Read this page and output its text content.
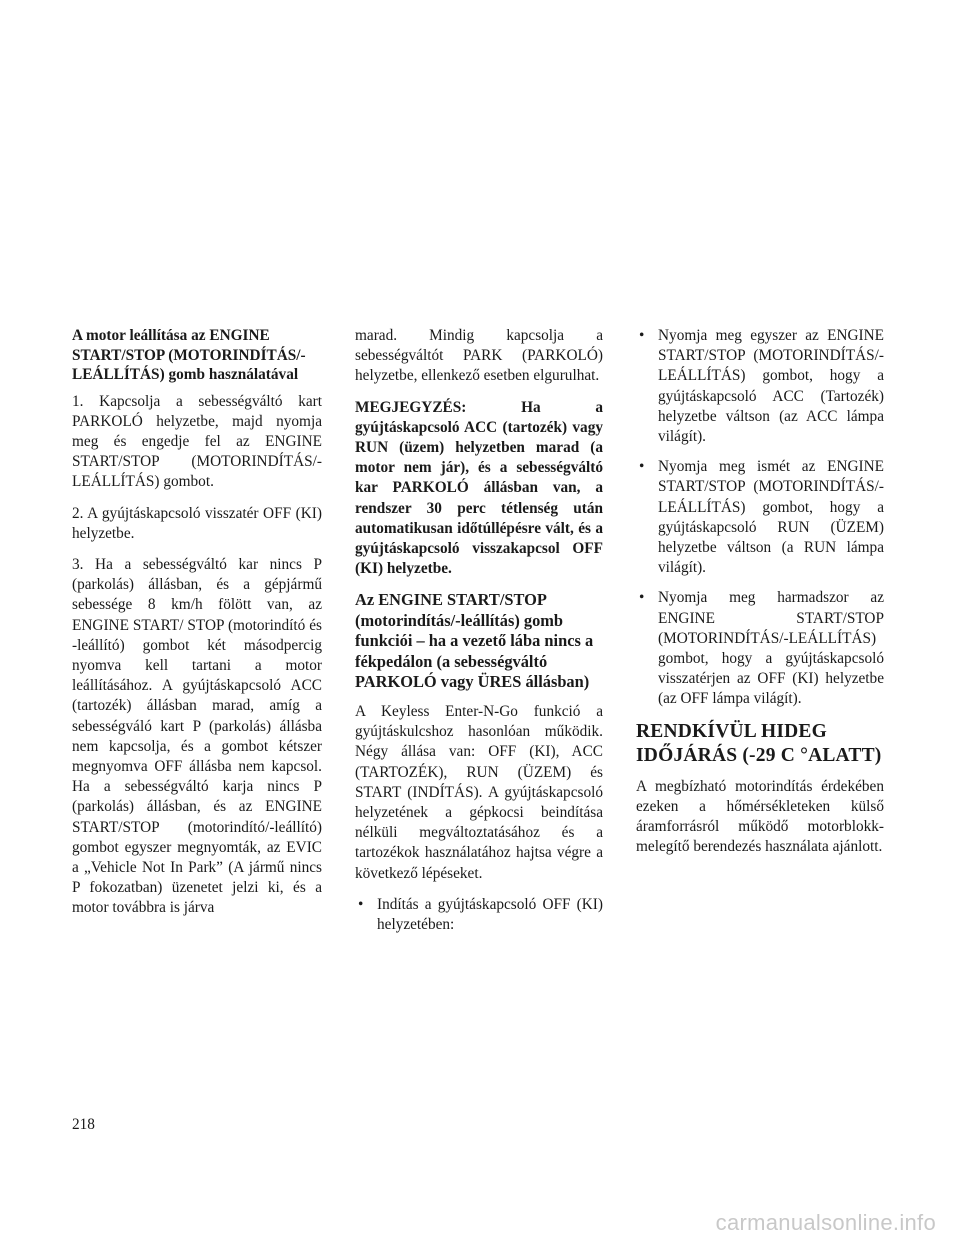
A motor leállítása az ENGINE START/STOP (MOTORINDÍTÁS/-LEÁLLÍTÁS) gomb használatával

1. Kapcsolja a sebességváltó kart PARKOLÓ helyzetbe, majd nyomja meg és engedje fel az ENGINE START/STOP (MOTORINDÍTÁS/-LEÁLLÍTÁS) gombot.

2. A gyújtáskapcsoló visszatér OFF (KI) helyzetbe.

3. Ha a sebességváltó kar nincs P (parkolás) állásban, és a gépjármű sebessége 8 km/h fölött van, az ENGINE START/ STOP (motorindító és -leállító) gombot két másodpercig nyomva kell tartani a motor leállításához. A gyújtáskapcsoló ACC (tartozék) állásban marad, amíg a sebességváló kart P (parkolás) állásba nem kapcsolja, és a gombot kétszer megnyomva OFF állásba nem kapcsol. Ha a sebességváltó karja nincs P (parkolás) állásban, és az ENGINE START/STOP (motorindító/-leállító) gombot egyszer megnyomták, az EVIC a „Vehicle Not In Park” (A jármű nincs P fokozatban) üzenetet jelzi ki, és a motor továbbra is járva

marad. Mindig kapcsolja a sebességváltót PARK (PARKOLÓ) helyzetbe, ellenkező esetben elgurulhat.

MEGJEGYZÉS: Ha a gyújtáskapcsoló ACC (tartozék) vagy RUN (üzem) helyzetben marad (a motor nem jár), és a sebességváltó kar PARKOLÓ állásban van, a rendszer 30 perc tétlenség után automatikusan időtúllépésre vált, és a gyújtáskapcsoló visszakapcsol OFF (KI) helyzetbe.

Az ENGINE START/STOP (motorindítás/-leállítás) gomb funkciói – ha a vezető lába nincs a fékpedálon (a sebességváltó PARKOLÓ vagy ÜRES állásban)

A Keyless Enter-N-Go funkció a gyújtáskulcshoz hasonlóan működik. Négy állása van: OFF (KI), ACC (TARTOZÉK), RUN (ÜZEM) és START (INDÍTÁS). A gyújtáskapcsoló helyzetének a gépkocsi beindítása nélküli megváltoztatásához és a tartozékok használatához hajtsa végre a következő lépéseket.

• Indítás a gyújtáskapcsoló OFF (KI) helyzetében:
• Nyomja meg egyszer az ENGINE START/STOP (MOTORINDÍTÁS/-LEÁLLÍTÁS) gombot, hogy a gyújtáskapcsoló ACC (Tartozék) helyzetbe váltson (az ACC lámpa világít).
• Nyomja meg ismét az ENGINE START/STOP (MOTORINDÍTÁS/-LEÁLLÍTÁS) gombot, hogy a gyújtáskapcsoló RUN (ÜZEM) helyzetbe váltson (a RUN lámpa világít).
• Nyomja meg harmadszor az ENGINE START/STOP (MOTORINDÍTÁS/-LEÁLLÍTÁS) gombot, hogy a gyújtáskapcsoló visszatérjen az OFF (KI) helyzetbe (az OFF lámpa világít).
RENDKÍVÜL HIDEG IDŐJÁRÁS (-29 C °ALATT)

A megbízható motorindítás érdekében ezeken a hőmérsékleteken külső áramforrásról működő motorblokk-melegítő berendezés használata ajánlott.

218
carmanualsonline.info
